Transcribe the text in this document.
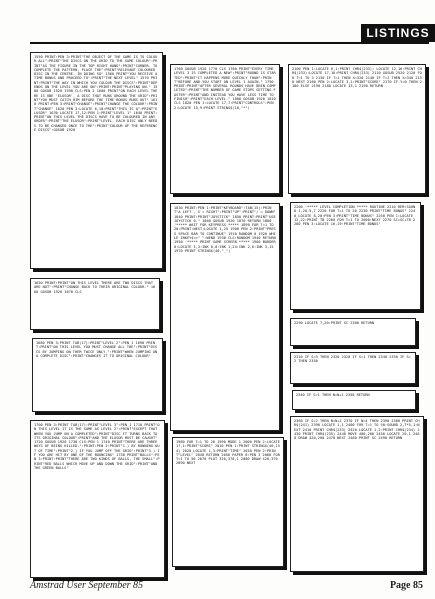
LISTINGS
1550 PRINT:PEN 3:PRINT"THE OBJECT OF THE GAME IS TO COLOUR ALL":PRINT"THE DISCS ON THE GRID TO THE SAME COLOUR":PRINT"AS THE FIGURE IN THE TOP RIGHT HAND":PRINT"CORNER. TO COMPLETE THE PATTERN, PLACE THE":PRINT"RELEVANT COLOURED DISC IN THE CENTRE. IN DOING SO" 1560 PRINT"YOU RECEIVE A TIME BONUS AND PROCEED TO":PRINT"THE NEXT LEVEL" 1570 PRINT:PRINT"THE WAY IN WHICH YOU COLOUR THE DISCS":PRINT"DEPENDS ON THE LEVEL YOU ARE ON":PRINT:PRINT"PLAYING ON." 1580 GOSUB 1920 1590 CLS:PEN 2 1600 PRINT"ON EACH LEVEL THERE IS ONE 'ELUSOR', A DISC THAT RUNS AROUND THE GRID":PRINT"YOU MUST CATCH HIM BEFORE THE TIME BONUS RUNS OUT" 1610 PRINT:PEN 3:PRINT"CHANGE":PRINT"CHANGE THE COLOUR":PRINT"CHANGE" 1620 PEN 3:LOCATE 6,18:PRINT"THIS IS A":PRINT"ELUSOR" 1630 LOCATE 17,12:PEN 1:PRINT"LEVEL 1" 1640 PRINT:PRINT"ON THIS LEVEL THE DISCS HAVE TO BE COLOURED IN ANY ORDER":PRINT"THE ELUSOR":PRINT"LEVEL. EACH DISC ONLY NEEDS TO BE CHANGED ONCE TO THE":PRINT"COLOUR OF THE REFERENCE DISCS":GOSUB 1920
1650 PRINT:PRINT"ON THIS LEVEL THERE ARE TWO DISCS THAT ARE NOT":PRINT"CHANGE BACK TO THEIR ORIGINAL COLOUR." 1660 GOSUB 1920 1670 CLS
1680 PEN 3:PRINT TAB(17):PRINT"LEVEL 2":PEN 1 1690 PRINT:PRINT"ON THIS LEVEL YOU MUST CHANGE ALL THE":PRINT"DISCS BY JUMPING ON THEM TWICE ONLY.":PRINT"WHEN JUMPING ON A COMPLETE DISC":PRINT"CHANGES IT TO ORIGINAL COLOUR"
1700 PEN 3:PRINT TAB(17):PRINT"LEVEL 3":PEN 1 1710 PRINT"ON THIS LEVEL IT IS THE SAME AS LEVEL 2":PRINT"EXCEPT THAT WHEN YOU JUMP ON A COMPLETED":PRINT"DISC IT TURNS BACK TO ITS ORIGINAL COLOUR":PRINT"AND THE ELUSOR MUST BE CAUGHT" 1720 GOSUB 1920 1730 CLS:PEN 1 1740 PRINT"THERE ARE THREE WAYS OF BEING KILLED.":PRINT:PEN 2:PRINT"1.) BY RUNNING OUT OF TIME":PRINT"2.) IF YOU JUMP OFF THE GRID":PRINT"3.) IF YOU ARE HIT BY ONE OF THE BOUNCING" 1750 PRINT"BALLS":PEN 3:PRINT:PRINT"THERE ARE TWO KINDS OF BALLS, THE SMALL":PRINT"RED BALLS WHICH MOVE UP AND DOWN THE GRID":PRINT"AND THE GREEN BALLS"
1760 GOSUB 1920 1770 CLS 1780 PRINT"EVERY TIME LEVEL 3 IS COMPLETED A NEW":PRINT"ROUND IS STARTED":PRINT"IT HAPPENS MORE QUICKLY THAN":PRINT"BEFORE AND YOU START ON LEVEL 1 AGAIN." 1790 PRINT:PRINT"AFTER SEVERAL ROUNDS HAVE BEEN COMPLETED":PRINT"THE NUMBER OF GAME STOPS GETTING FASTER":PRINT"AND INSTEAD YOU HAVE LESS TIME TO FINISH":PRINT"EACH LEVEL." 1800 GOSUB 1920 1810 CLS 1820 PEN 1:LOCATE 17,7:PRINT"CONTROLS":PEN 2:LOCATE 15,9:PRINT STRING$(10,"*")
1830 PRINT:PEN 1:PRINT"KEYBOARD":TAB(15):PRINT"A LEFT , S = RIGHT":PRINT"UP":PRINT"/ = DOWN" 1840 PRINT:PRINT"JOYSTICK" 1850 PRINT:PRINT"USE JOYSTICK 0." 1860 GOSUB 1920 1870 RETURN 1880 '***** WAIT FOR KEYPRESS ***** 1890 FOR T=1 TO 20:PRINT:NEXT:LOCATE 1,25 1900 PEN 2:PRINT"PRESS SPACE BAR TO CONTINUE" 1910 RANDOM 0 1920 WHILE INKEY$<>" ":WEND 1930 CLS:RANDOM 1940 RETURN 1950 '***** PRINT GAME SCREEN ***** 1960 BORDER 0:LOCATE 1,3:INK 0,0:INK 1,24:INK 2,6:INK 3,15 1970 PRINT STRING$(40,"_")
1980 FOR T=1 TO 20 1990 MODE 1 2000 PEN 2:LOCATE 17,1:PRINT"SCORE" 2010 PEN 1:PRINT STRING$(40,154) 2020 LOCATE 1,3:PRINT"TIME" 2030 PEN 2:PRINT"LEVEL" 2040 RETURN 2050 PAPER 0:PEN 3 2060 FOR T=1 TO 50 2070 PLOT 320,370,1 2080 DRAW 420,370 2090 NEXT
2100 PEN 1:LOCATE 6,1:PRINT CHR$(233): LOCATE 12,16:PRINT CHR$(233):LOCATE 17,16:PRINT CHR$(233) 2110 GOSUB 2520 2120 FOR T=1 TO 3 2130 IF T=1 THEN X=320 2140 IF T=2 THEN X=340 2150 NEXT 2160 PEN 2:LOCATE 3,1:PRINT"SCORE" 2170 IF Y=0 THEN 2180 ELSE 2190 2180 LOCATE 13,1 2190 RETURN
2200 '***** LEVEL COMPLETION ***** ROUTINE 2210 REM:SOUND 1,20,5,7 2220 FOR T=1 TO 20 2230 PRINT"TIME BONUS" 2240 LOCATE 8,20:PEN 3:PRINT"TIME BONUS" 2250 PEN 1:LOCATE 12,22:PRINT TB 2260 FOR T=1 TO 2000:NEXT 2270 SC=SC+TB 2280 PEN 3:LOCATE 16,19:PRINT"TIME BONUS"
2290 LOCATE 7,20:PRINT SC 2300 RETURN
2310 IF S=3 THEN 2320 2320 IF S=1 THEN 2340 2330 IF S=2 THEN 2350
2340 IF S=1 THEN N=N+1 2350 RETURN
2360 IF S=2 THEN N=N+1 2370 IF N=4 THEN 2390 2380 PRINT CHR$(241) 2390 LOCATE 1,1 2400 FOR T=1 TO 50:SOUND 2,T*5,1:NEXT 2410 PRINT CHR$(233) 2420 LOCATE 1,2:PRINT CHR$(234) 2430 PRINT CHR$(235) 2440 MOVE 400,200 2450 LOCATE 20,1 2460 DRAW 420,200 2470 NEXT 2480 PRINT SC 2490 RETURN
Amstrad User September 85	Page 85
